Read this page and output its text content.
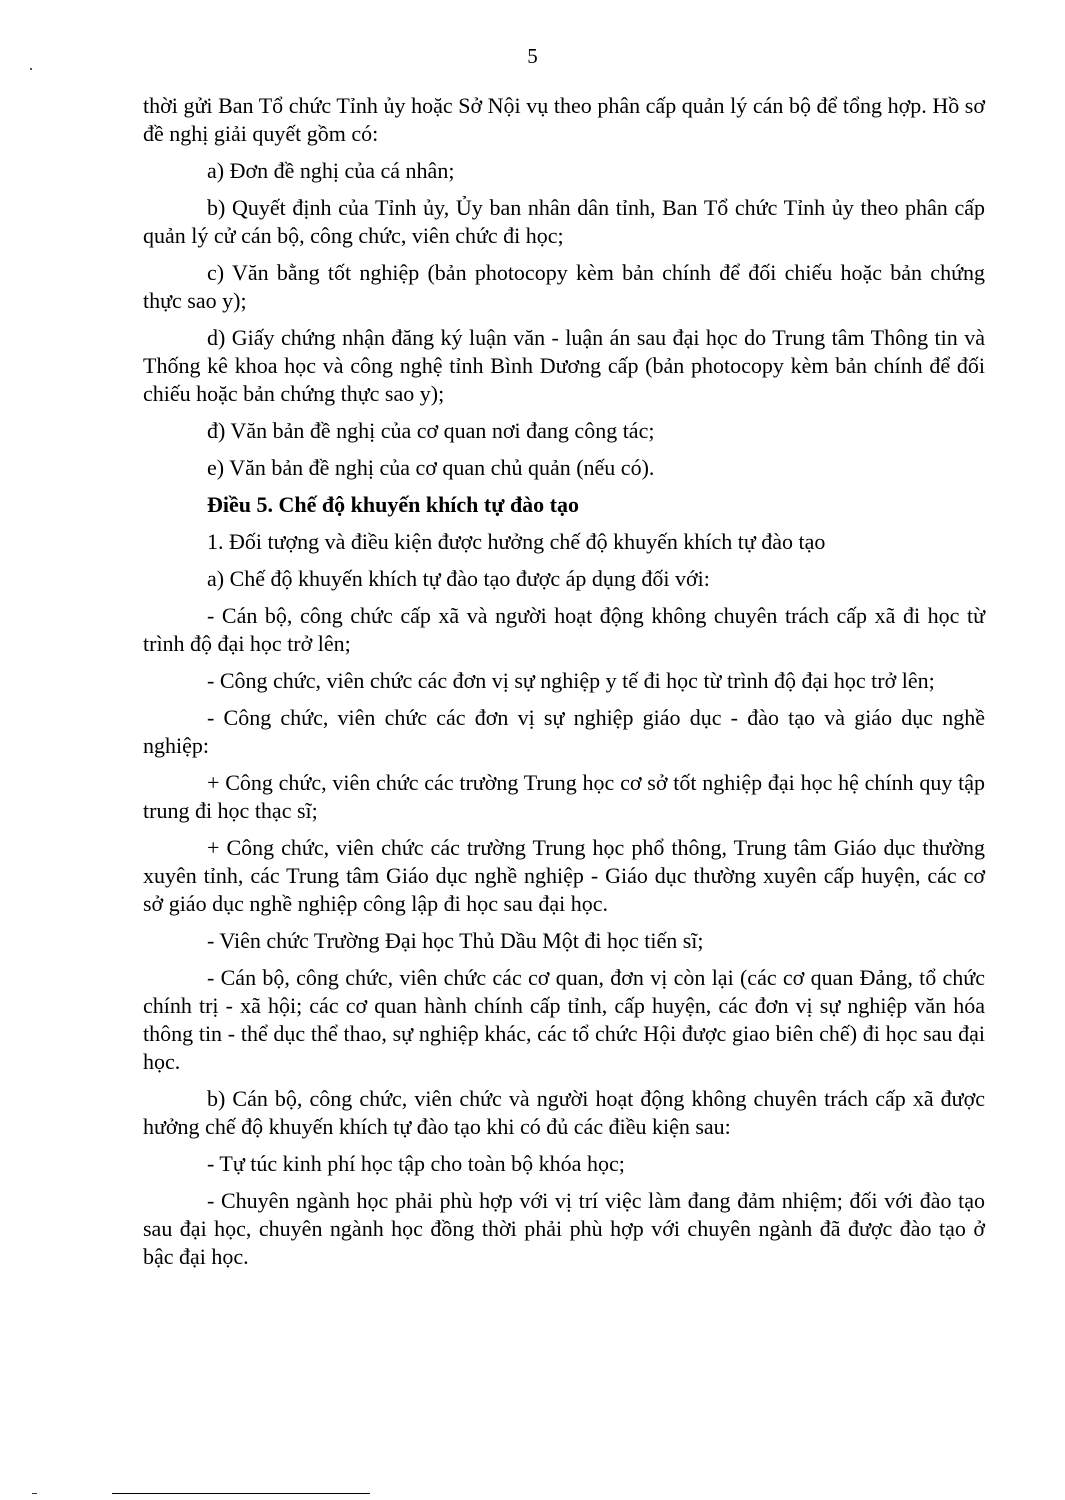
5

thời gửi Ban Tổ chức Tỉnh ủy hoặc Sở Nội vụ theo phân cấp quản lý cán bộ để tổng hợp. Hồ sơ đề nghị giải quyết gồm có:

a) Đơn đề nghị của cá nhân;

b) Quyết định của Tỉnh ủy, Ủy ban nhân dân tỉnh, Ban Tổ chức Tỉnh ủy theo phân cấp quản lý cử cán bộ, công chức, viên chức đi học;

c) Văn bằng tốt nghiệp (bản photocopy kèm bản chính để đối chiếu hoặc bản chứng thực sao y);

d) Giấy chứng nhận đăng ký luận văn - luận án sau đại học do Trung tâm Thông tin và Thống kê khoa học và công nghệ tỉnh Bình Dương cấp (bản photocopy kèm bản chính để đối chiếu hoặc bản chứng thực sao y);

đ) Văn bản đề nghị của cơ quan nơi đang công tác;

e) Văn bản đề nghị của cơ quan chủ quản (nếu có).

Điều 5. Chế độ khuyến khích tự đào tạo

1. Đối tượng và điều kiện được hưởng chế độ khuyến khích tự đào tạo

a) Chế độ khuyến khích tự đào tạo được áp dụng đối với:

- Cán bộ, công chức cấp xã và người hoạt động không chuyên trách cấp xã đi học từ trình độ đại học trở lên;

- Công chức, viên chức các đơn vị sự nghiệp y tế đi học từ trình độ đại học trở lên;

- Công chức, viên chức các đơn vị sự nghiệp giáo dục - đào tạo và giáo dục nghề nghiệp:

+ Công chức, viên chức các trường Trung học cơ sở tốt nghiệp đại học hệ chính quy tập trung đi học thạc sĩ;

+ Công chức, viên chức các trường Trung học phổ thông, Trung tâm Giáo dục thường xuyên tỉnh, các Trung tâm Giáo dục nghề nghiệp - Giáo dục thường xuyên cấp huyện, các cơ sở giáo dục nghề nghiệp công lập đi học sau đại học.

- Viên chức Trường Đại học Thủ Dầu Một đi học tiến sĩ;

- Cán bộ, công chức, viên chức các cơ quan, đơn vị còn lại (các cơ quan Đảng, tổ chức chính trị - xã hội; các cơ quan hành chính cấp tỉnh, cấp huyện, các đơn vị sự nghiệp văn hóa thông tin - thể dục thể thao, sự nghiệp khác, các tổ chức Hội được giao biên chế) đi học sau đại học.

b) Cán bộ, công chức, viên chức và người hoạt động không chuyên trách cấp xã được hưởng chế độ khuyến khích tự đào tạo khi có đủ các điều kiện sau:

- Tự túc kinh phí học tập cho toàn bộ khóa học;

- Chuyên ngành học phải phù hợp với vị trí việc làm đang đảm nhiệm; đối với đào tạo sau đại học, chuyên ngành học đồng thời phải phù hợp với chuyên ngành đã được đào tạo ở bậc đại học.
